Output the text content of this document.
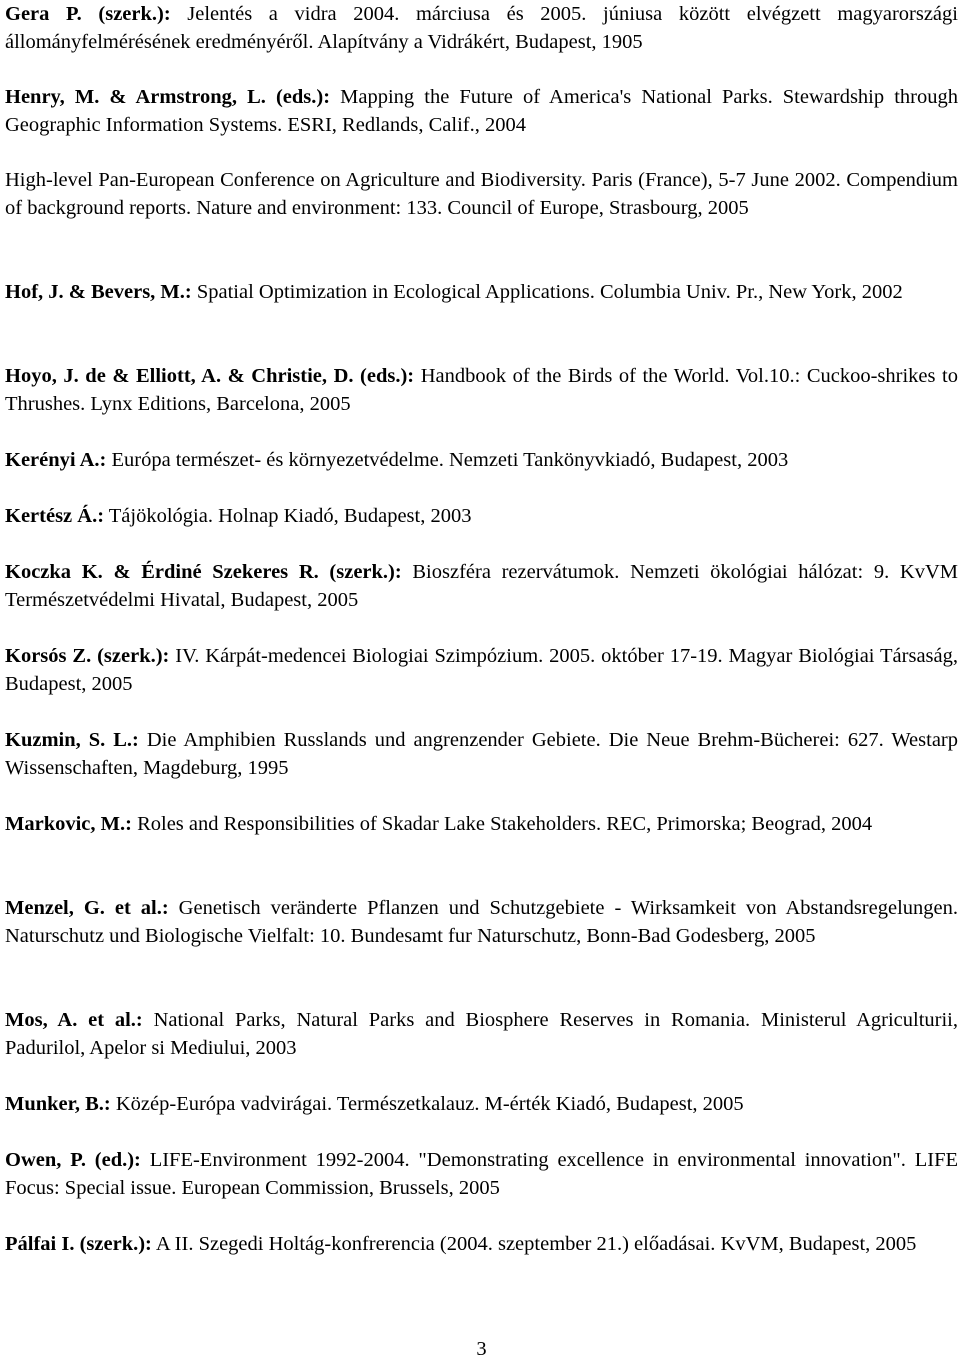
Gera P. (szerk.): Jelentés a vidra 2004. márciusa és 2005. júniusa között elvégzett magyarországi állományfelmérésének eredményéről. Alapítvány a Vidrákért, Budapest, 1905

Henry, M. & Armstrong, L. (eds.): Mapping the Future of America's National Parks. Stewardship through Geographic Information Systems. ESRI, Redlands, Calif., 2004

High-level Pan-European Conference on Agriculture and Biodiversity. Paris (France), 5-7 June 2002. Compendium of background reports. Nature and environment: 133. Council of Europe, Strasbourg, 2005

Hof, J. & Bevers, M.: Spatial Optimization in Ecological Applications. Columbia Univ. Pr., New York, 2002

Hoyo, J. de & Elliott, A. & Christie, D. (eds.): Handbook of the Birds of the World. Vol.10.: Cuckoo-shrikes to Thrushes. Lynx Editions, Barcelona, 2005

Kerényi A.: Európa természet- és környezetvédelme. Nemzeti Tankönyvkiadó, Budapest, 2003

Kertész Á.: Tájökológia. Holnap Kiadó, Budapest, 2003

Koczka K. & Érdiné Szekeres R. (szerk.): Bioszféra rezervátumok. Nemzeti ökológiai hálózat: 9. KvVM Természetvédelmi Hivatal, Budapest, 2005

Korsós Z. (szerk.): IV. Kárpát-medencei Biologiai Szimpózium. 2005. október 17-19. Magyar Biológiai Társaság, Budapest, 2005

Kuzmin, S. L.: Die Amphibien Russlands und angrenzender Gebiete. Die Neue Brehm-Bücherei: 627. Westarp Wissenschaften, Magdeburg, 1995

Markovic, M.: Roles and Responsibilities of Skadar Lake Stakeholders. REC, Primorska; Beograd, 2004

Menzel, G. et al.: Genetisch veränderte Pflanzen und Schutzgebiete - Wirksamkeit von Abstandsregelungen. Naturschutz und Biologische Vielfalt: 10. Bundesamt fur Naturschutz, Bonn-Bad Godesberg, 2005

Mos, A. et al.: National Parks, Natural Parks and Biosphere Reserves in Romania. Ministerul Agriculturii, Padurilol, Apelor si Mediului, 2003

Munker, B.: Közép-Európa vadvirágai. Természetkalauz. M-érték Kiadó, Budapest, 2005

Owen, P. (ed.): LIFE-Environment 1992-2004. "Demonstrating excellence in environmental innovation". LIFE Focus: Special issue. European Commission, Brussels, 2005

Pálfai I. (szerk.): A II. Szegedi Holtág-konfrerencia (2004. szeptember 21.) előadásai. KvVM, Budapest, 2005

3
